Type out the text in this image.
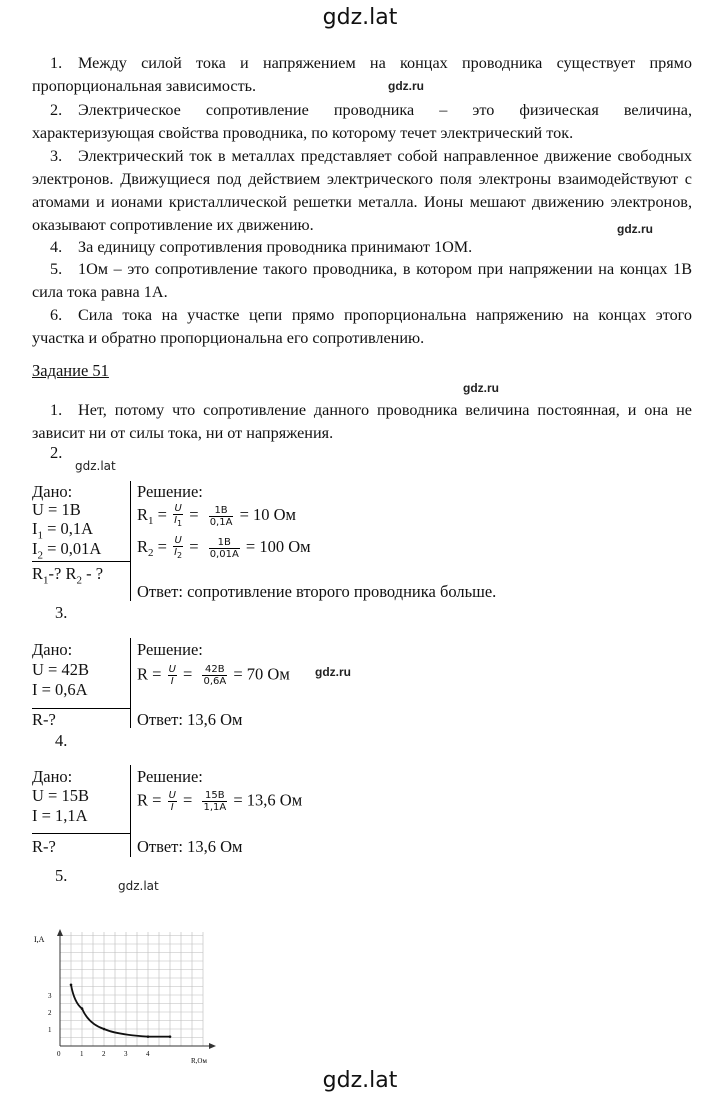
gdz.lat
gdz.ru
gdz.ru
gdz.ru
gdz.lat
gdz.ru
gdz.lat
gdz.lat
1. Между силой тока и напряжением на концах проводника существует прямо пропорциональная зависимость.
2. Электрическое сопротивление проводника – это физическая величина, характеризующая свойства проводника, по которому течет электрический ток.
3. Электрический ток в металлах представляет собой направленное движение свободных электронов. Движущиеся под действием электрического поля электроны взаимодействуют с атомами и ионами кристаллической решетки металла. Ионы мешают движению электронов, оказывают сопротивление их движению.
4. За единицу сопротивления проводника принимают 1ОМ.
5. 1Ом – это сопротивление такого проводника, в котором при напряжении на концах 1В сила тока равна 1А.
6. Сила тока на участке цепи прямо пропорциональна напряжению на концах этого участка и обратно пропорциональна его сопротивлению.
Задание 51
1. Нет, потому что сопротивление данного проводника величина постоянная, и она не зависит ни от силы тока, ни от напряжения.
2.
Дано:
U = 1B
$I_1 = 0,1A$
$I_2 = 0,01A$
$R_1-$? $R_2$ - ?
Решение:
$R_1 = \frac{U}{I_1} = \frac{1В}{0,1А} = 10$ Ом
$R_2 = \frac{U}{I_2} = \frac{1В}{0,01А} = 100$ Ом
Ответ: сопротивление второго проводника больше.
3.
Дано:
U = 42B
I = 0,6A
R-?
Решение:
$R = \frac{U}{I} = \frac{42В}{0,6А} = 70$ Ом
Ответ: 13,6 Ом
4.
Дано:
U = 15B
I = 1,1A
R-?
Решение:
$R = \frac{U}{I} = \frac{15В}{1,1А} = 13,6$ Ом
Ответ: 13,6 Ом
5.
I,A
R,Ом
0	1	2	3	4
1
2
3
